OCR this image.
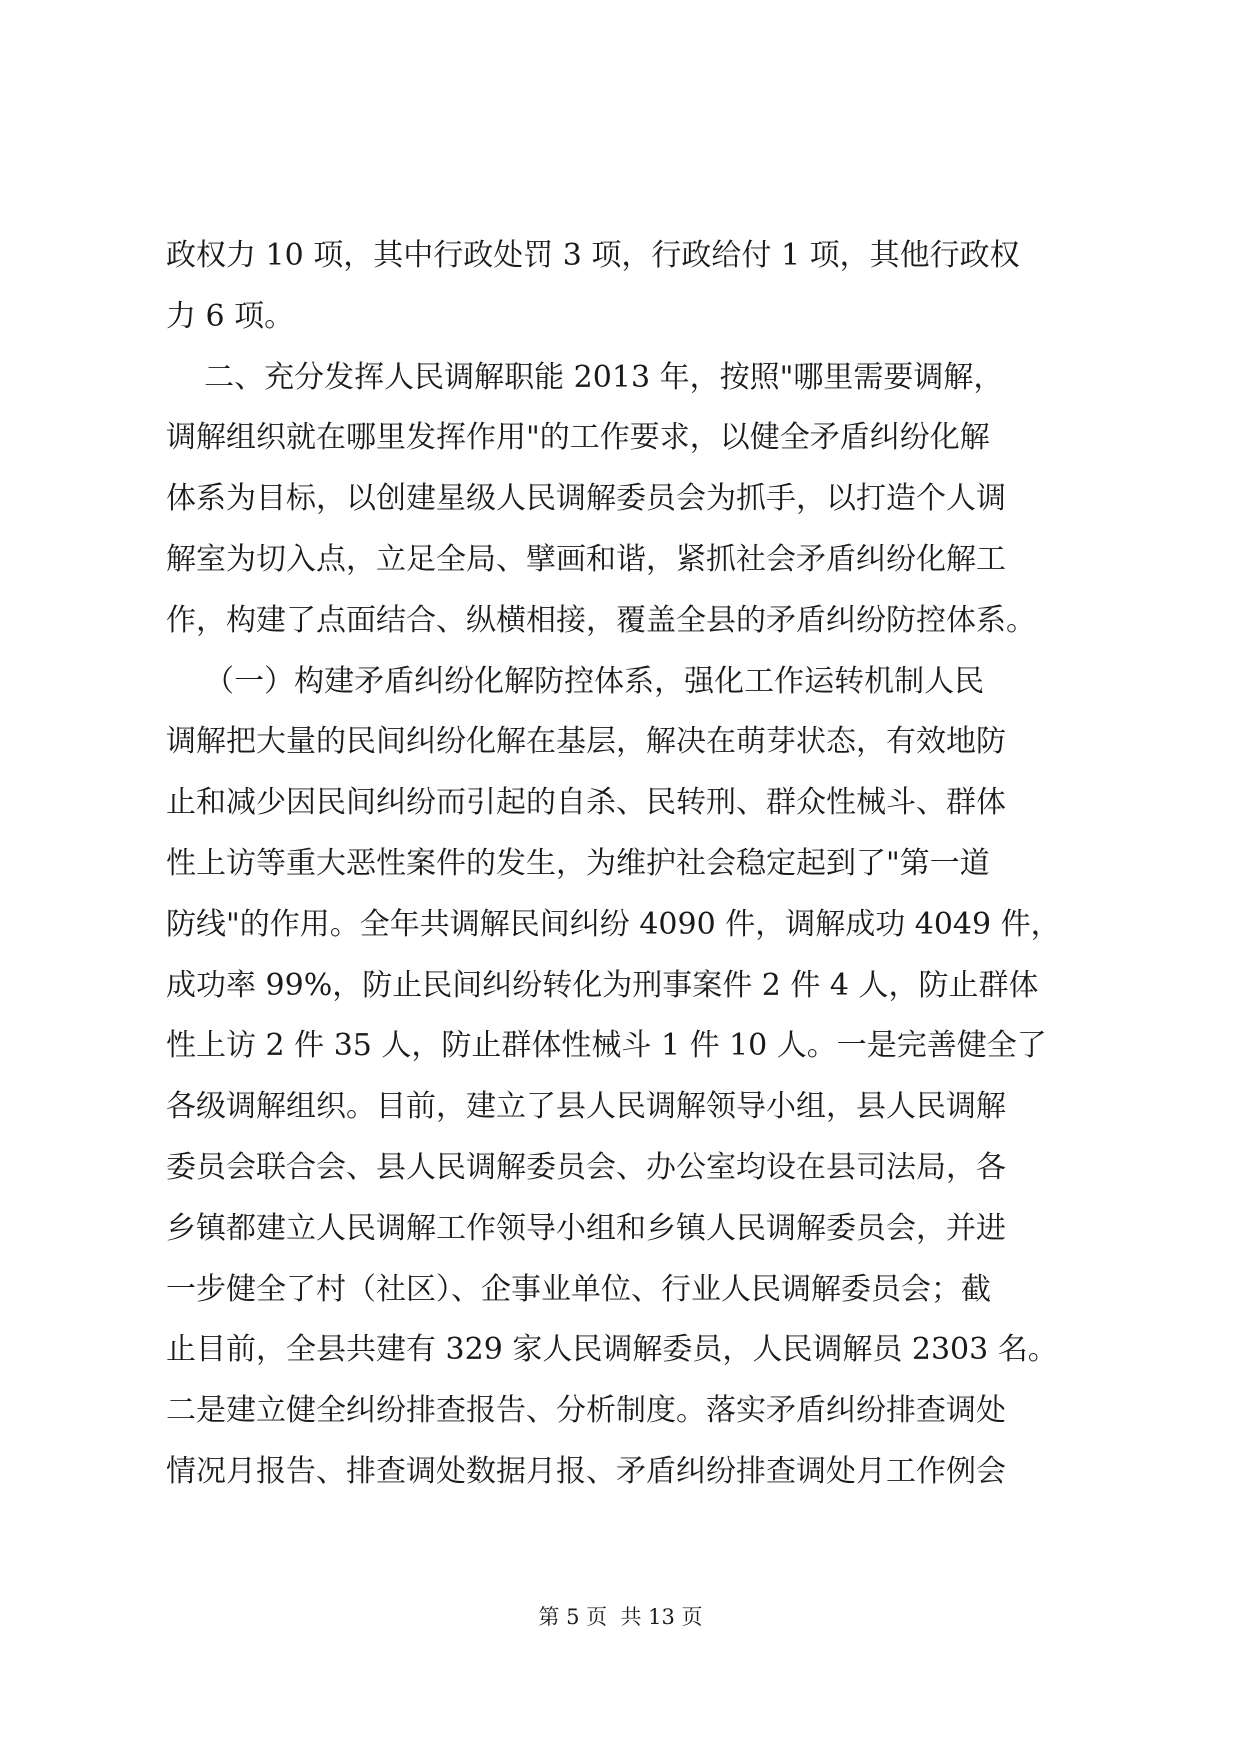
政权力 10 项，其中行政处罚 3 项，行政给付 1 项，其他行政权
力 6 项。
二、充分发挥人民调解职能 2013 年，按照"哪里需要调解，
调解组织就在哪里发挥作用"的工作要求，以健全矛盾纠纷化解
体系为目标，以创建星级人民调解委员会为抓手，以打造个人调
解室为切入点，立足全局、擘画和谐，紧抓社会矛盾纠纷化解工
作，构建了点面结合、纵横相接，覆盖全县的矛盾纠纷防控体系。
（一）构建矛盾纠纷化解防控体系，强化工作运转机制人民
调解把大量的民间纠纷化解在基层，解决在萌芽状态，有效地防
止和减少因民间纠纷而引起的自杀、民转刑、群众性械斗、群体
性上访等重大恶性案件的发生，为维护社会稳定起到了"第一道
防线"的作用。全年共调解民间纠纷 4090 件，调解成功 4049 件，
成功率 99%，防止民间纠纷转化为刑事案件 2 件 4 人，防止群体
性上访 2 件 35 人，防止群体性械斗 1 件 10 人。一是完善健全了
各级调解组织。目前，建立了县人民调解领导小组，县人民调解
委员会联合会、县人民调解委员会、办公室均设在县司法局，各
乡镇都建立人民调解工作领导小组和乡镇人民调解委员会，并进
一步健全了村（社区）、企事业单位、行业人民调解委员会；截
止目前，全县共建有 329 家人民调解委员，人民调解员 2303 名。
二是建立健全纠纷排查报告、分析制度。落实矛盾纠纷排查调处
情况月报告、排查调处数据月报、矛盾纠纷排查调处月工作例会
第 5 页  共 13 页
